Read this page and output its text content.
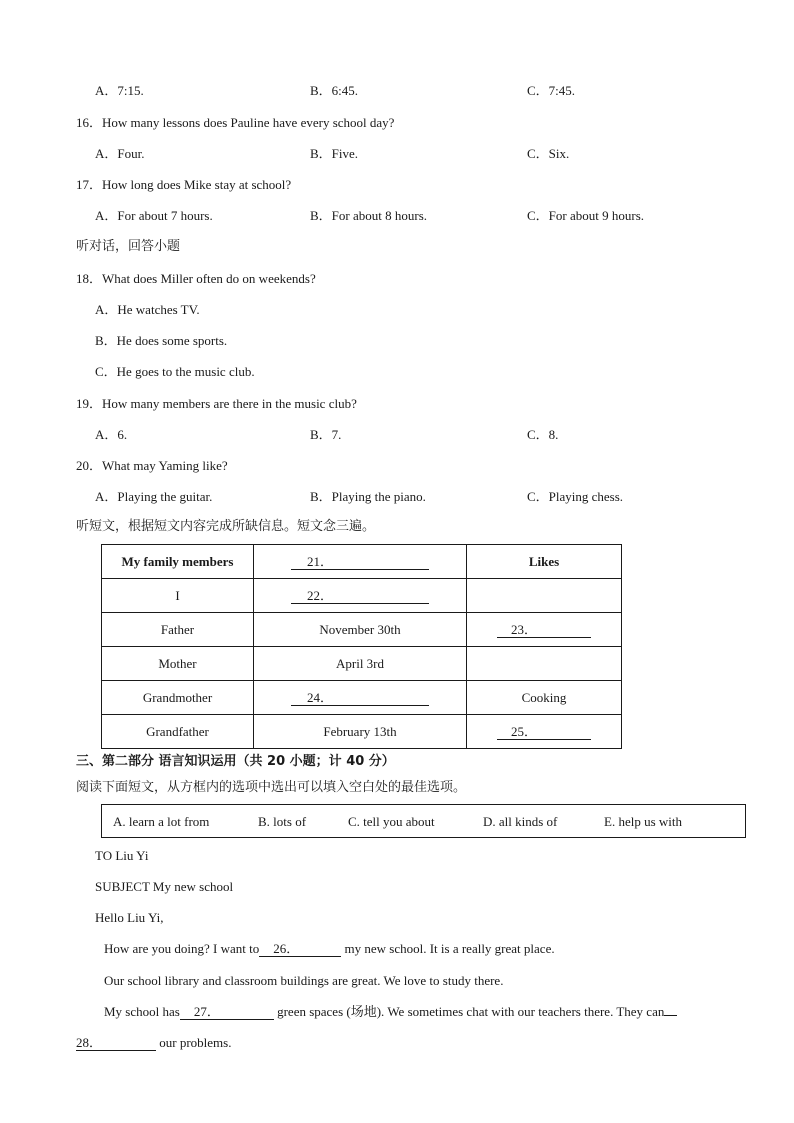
A．7:15.	B．6:45.	C．7:45.
16．How many lessons does Pauline have every school day?
A．Four.	B．Five.	C．Six.
17．How long does Mike stay at school?
A．For about 7 hours.	B．For about 8 hours.	C．For about 9 hours.
听对话，回答小题
18．What does Miller often do on weekends?
A．He watches TV.
B．He does some sports.
C．He goes to the music club.
19．How many members are there in the music club?
A．6.	B．7.	C．8.
20．What may Yaming like?
A．Playing the guitar.	B．Playing the piano.	C．Playing chess.
听短文，根据短文内容完成所缺信息。短文念三遍。
My family members	21．	Likes
I	22．	
Father	November 30th	23．
Mother	April 3rd	
Grandmother	24．	Cooking
Grandfather	February 13th	25．
三、第二部分 语言知识运用（共 20 小题；计 40 分）
阅读下面短文，从方框内的选项中选出可以填入空白处的最佳选项。
A. learn a lot from	B. lots of	C. tell you about	D. all kinds of	E. help us with
TO Liu Yi
SUBJECT My new school
Hello Liu Yi,
How are you doing? I want to 26．	my new school. It is a really great place.
Our school library and classroom buildings are great. We love to study there.
My school has 27．	green spaces (场地). We sometimes chat with our teachers there. They can
28．	our problems.
